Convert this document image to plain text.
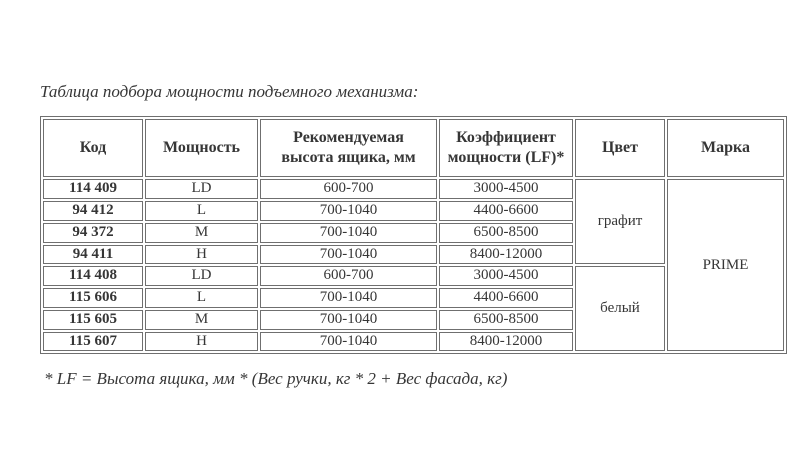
Таблица подбора мощности подъемного механизма:

Код	Мощность	Рекомендуемая высота ящика, мм	Коэффициент мощности (LF)*	Цвет	Марка
114 409	LD	600-700	3000-4500	графит	PRIME
94 412	L	700-1040	4400-6600		
94 372	M	700-1040	6500-8500		
94 411	H	700-1040	8400-12000		
114 408	LD	600-700	3000-4500	белый	
115 606	L	700-1040	4400-6600		
115 605	M	700-1040	6500-8500		
115 607	H	700-1040	8400-12000		

* LF = Высота ящика, мм * (Вес ручки, кг * 2 + Вес фасада, кг)
